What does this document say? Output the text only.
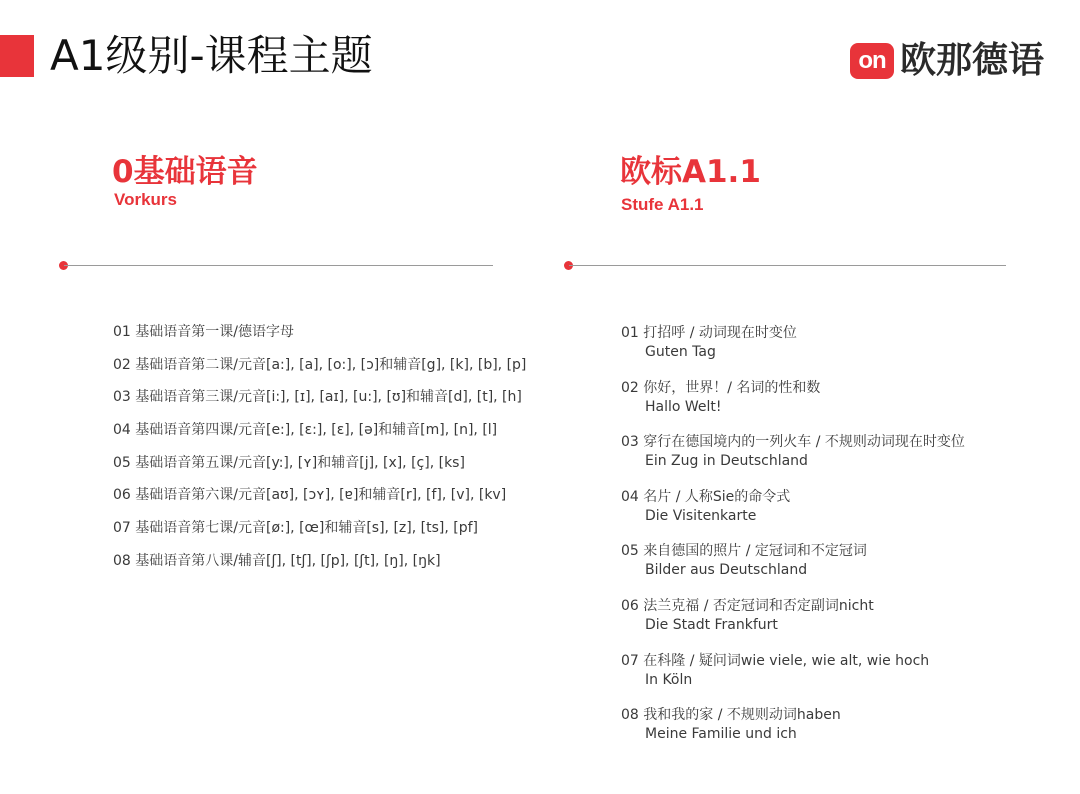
A1级别-课程主题	on 欧那德语
0基础语音
Vorkurs
01 基础语音第一课/德语字母
02 基础语音第二课/元音[a:], [a], [o:], [ɔ]和辅音[g], [k], [b], [p]
03 基础语音第三课/元音[i:], [ɪ], [aɪ], [u:], [ʊ]和辅音[d], [t], [h]
04 基础语音第四课/元音[e:], [ɛ:], [ɛ], [ə]和辅音[m], [n], [l]
05 基础语音第五课/元音[y:], [ʏ]和辅音[j], [x], [ç], [ks]
06 基础语音第六课/元音[aʊ], [ɔʏ], [ɐ]和辅音[r], [f], [v], [kv]
07 基础语音第七课/元音[ø:], [œ]和辅音[s], [z], [ts], [pf]
08 基础语音第八课/辅音[ʃ], [tʃ], [ʃp], [ʃt], [ŋ], [ŋk]
欧标A1.1
Stufe A1.1
01 打招呼 / 动词现在时变位
Guten Tag
02 你好，世界！/ 名词的性和数
Hallo Welt!
03 穿行在德国境内的一列火车 / 不规则动词现在时变位
Ein Zug in Deutschland
04 名片 / 人称Sie的命令式
Die Visitenkarte
05 来自德国的照片 / 定冠词和不定冠词
Bilder aus Deutschland
06 法兰克福 / 否定冠词和否定副词nicht
Die Stadt Frankfurt
07 在科隆 / 疑问词wie viele, wie alt, wie hoch
In Köln
08 我和我的家 / 不规则动词haben
Meine Familie und ich
